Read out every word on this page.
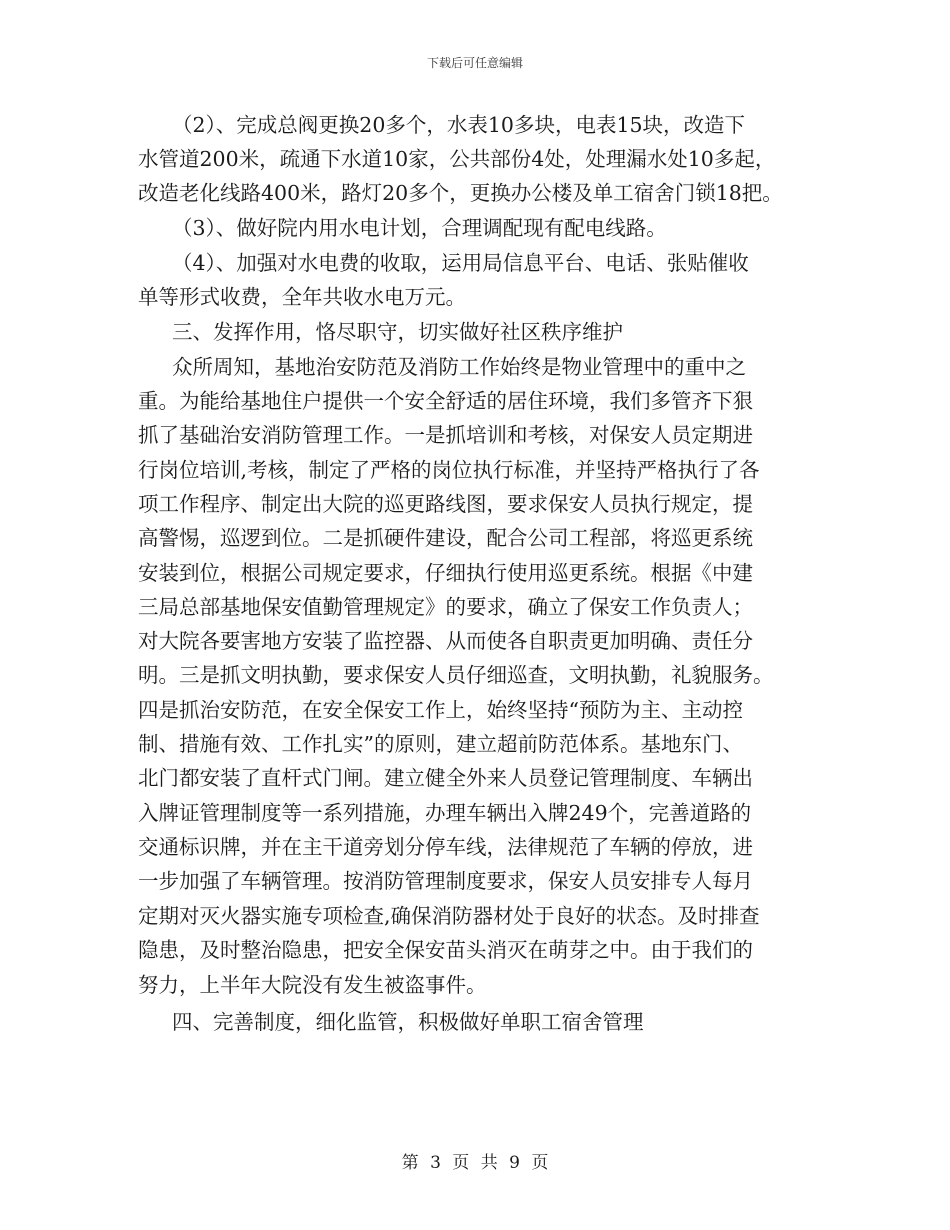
下载后可任意编辑
（2）、完成总阀更换20多个，水表10多块，电表15块，改造下
水管道200米，疏通下水道10家，公共部份4处，处理漏水处10多起，
改造老化线路400米，路灯20多个，更换办公楼及单工宿舍门锁18把。
（3）、做好院内用水电计划，合理调配现有配电线路。
（4）、加强对水电费的收取，运用局信息平台、电话、张贴催收
单等形式收费，全年共收水电万元。
三、发挥作用，恪尽职守，切实做好社区秩序维护
众所周知，基地治安防范及消防工作始终是物业管理中的重中之
重。为能给基地住户提供一个安全舒适的居住环境，我们多管齐下狠
抓了基础治安消防管理工作。一是抓培训和考核，对保安人员定期进
行岗位培训,考核，制定了严格的岗位执行标准，并坚持严格执行了各
项工作程序、制定出大院的巡更路线图，要求保安人员执行规定，提
高警惕，巡逻到位。二是抓硬件建设，配合公司工程部，将巡更系统
安装到位，根据公司规定要求，仔细执行使用巡更系统。根据《中建
三局总部基地保安值勤管理规定》的要求，确立了保安工作负责人；
对大院各要害地方安装了监控器、从而使各自职责更加明确、责任分
明。三是抓文明执勤，要求保安人员仔细巡查，文明执勤，礼貌服务。
四是抓治安防范，在安全保安工作上，始终坚持“预防为主、主动控
制、措施有效、工作扎实”的原则，建立超前防范体系。基地东门、
北门都安装了直杆式门闸。建立健全外来人员登记管理制度、车辆出
入牌证管理制度等一系列措施，办理车辆出入牌249个，完善道路的
交通标识牌，并在主干道旁划分停车线，法律规范了车辆的停放，进
一步加强了车辆管理。按消防管理制度要求，保安人员安排专人每月
定期对灭火器实施专项检查,确保消防器材处于良好的状态。及时排查
隐患，及时整治隐患，把安全保安苗头消灭在萌芽之中。由于我们的
努力，上半年大院没有发生被盗事件。
四、完善制度，细化监管，积极做好单职工宿舍管理
第 3 页 共 9 页
